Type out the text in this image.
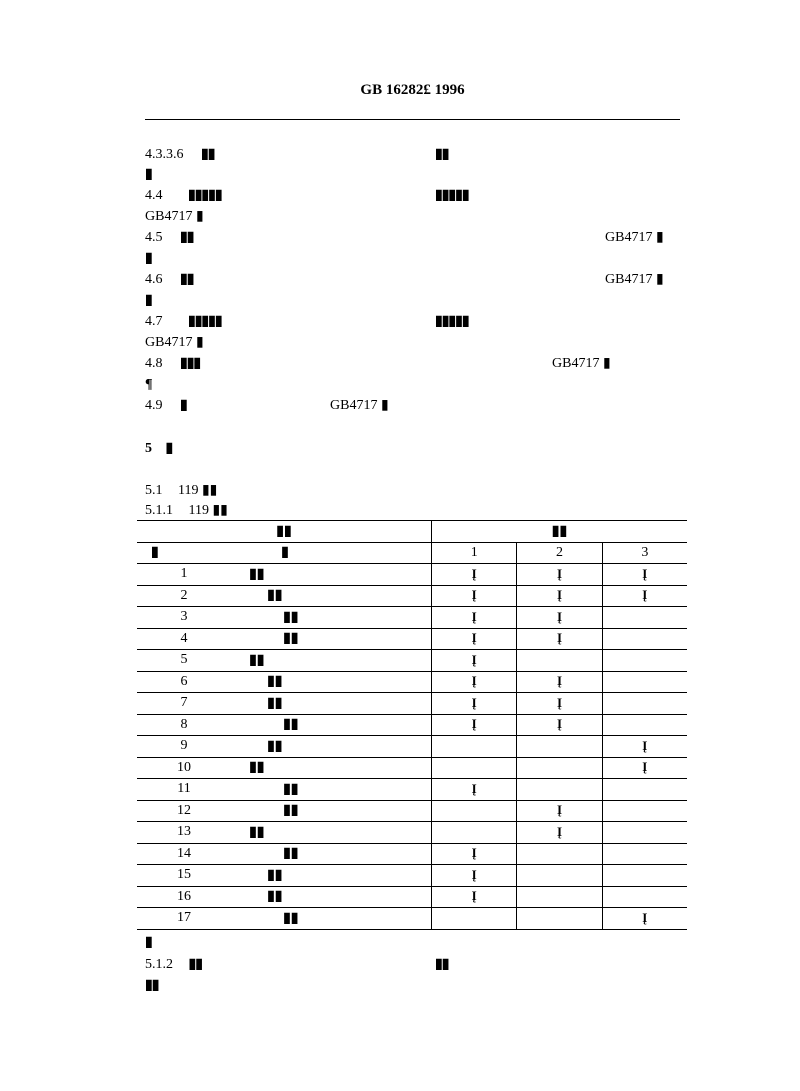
GB 16282£ 1996
4.3.3.6 ▮▮	▮▮
▮
4.4 ▮▮▮▮▮	▮▮▮▮▮
GB4717 ▮
4.5 ▮▮	GB4717 ▮
▮
4.6 ▮▮	GB4717 ▮
▮
4.7 ▮▮▮▮▮	▮▮▮▮▮
GB4717 ▮
4.8 ▮▮▮	GB4717 ▮
¶
4.9 ▮	GB4717 ▮
5 ▮
5.1 119 ▮▮
5.1.1 119 ▮▮
▮▮		▮▮		
▮	▮	1	2	3
1	▮▮	Į	Į	Į
2	▮▮	Į	Į	Į
3	▮▮	Į	Į	
4	▮▮	Į	Į	
5	▮▮	Į		
6	▮▮	Į	Į	
7	▮▮	Į	Į	
8	▮▮	Į	Į	
9	▮▮			Į
10	▮▮			Į
11	▮▮	Į		
12	▮▮		Į	
13	▮▮		Į	
14	▮▮	Į		
15	▮▮	Į		
16	▮▮	Į		
17	▮▮			Į
▮
5.1.2 ▮▮	▮▮
▮▮
